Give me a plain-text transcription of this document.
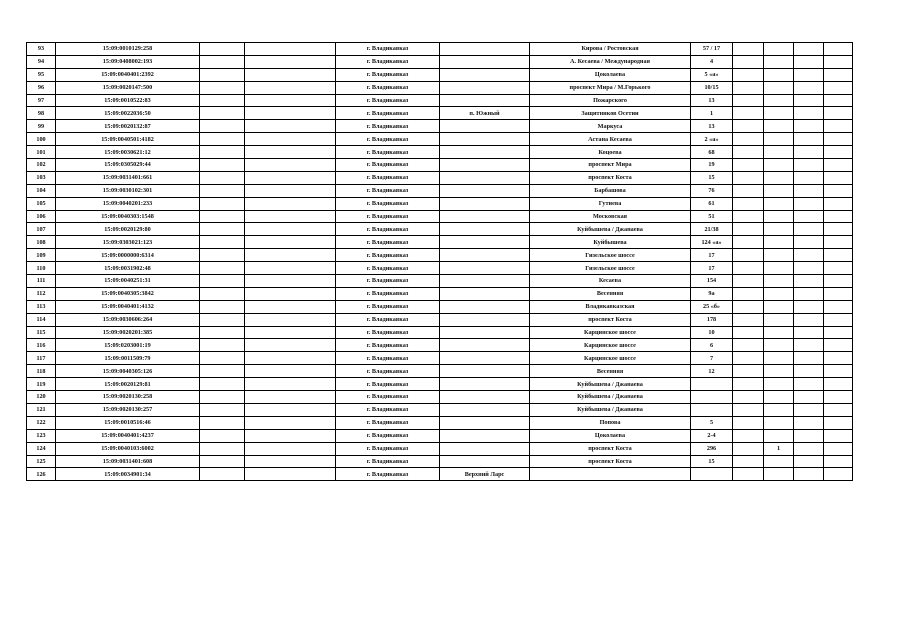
93	15:09:0010129:258			г. Владикавказ		Кирова / Ростовская	57 / 17				
94	15:09:0408002:193			г. Владикавказ		А. Кесаева / Международная	4				
95	15:09:0040401:2392			г. Владикавказ		Цоколаева	5 «а»				
96	15:09:0020147:500			г. Владикавказ		проспект Мира / М.Горького	10/15				
97	15:09:0010522:83			г. Владикавказ		Пожарского	13				
98	15:09:0022036:50			г. Владикавказ	п. Южный	Защитников Осетии	1				
99	15:09:0020132:87			г. Владикавказ		Маркуса	13				
100	15:09:0040501:4182			г. Владикавказ		Астана Кесаева	2 «а»				
101	15:09:0030621:12			г. Владикавказ		Коцоева	68				
102	15:09:0305029:44			г. Владикавказ		проспект Мира	19				
103	15:09:0031401:661			г. Владикавказ		проспект Коста	15				
104	15:09:0030102:301			г. Владикавказ		Барбашова	76				
105	15:09:0040201:233			г. Владикавказ		Гутиева	61				
106	15:09:0040303:1548			г. Владикавказ		Московская	51				
107	15:09:0020129:80			г. Владикавказ		Куйбышева / Джанаева	21/38				
108	15:09:0303021:123			г. Владикавказ		Куйбышева	124 «а»				
109	15:09:0000000:6314			г. Владикавказ		Гизельское шоссе	17				
110	15:09:0031902:48			г. Владикавказ		Гизельское шоссе	17				
111	15:09:0040251:31			г. Владикавказ		Кесаева	154				
112	15:09:0040305:3842			г. Владикавказ		Весенняя	9а				
113	15:09:0040401:4132			г. Владикавказ		Владикавказская	25 «б»				
114	15:09:0030606:264			г. Владикавказ		проспект Коста	178				
115	15:09:0020201:385			г. Владикавказ		Карцинское шоссе	10				
116	15:09:0203001:19			г. Владикавказ		Карцинское шоссе	6				
117	15:09:0011509:79			г. Владикавказ		Карцинское шоссе	7				
118	15:09:0040305:126			г. Владикавказ		Весенняя	12				
119	15:09:0020129:81			г. Владикавказ		Куйбышева / Джанаева					
120	15:09:0020130:258			г. Владикавказ		Куйбышева / Джанаева					
121	15:09:0020130:257			г. Владикавказ		Куйбышева / Джанаева					
122	15:09:0010516:46			г. Владикавказ		Попова	5				
123	15:09:0040401:4237			г. Владикавказ		Цоколаева	2-4				
124	15:09:0040103:6002			г. Владикавказ		проспект Коста	296		1		
125	15:09:0031401:608			г. Владикавказ		проспект Коста	15				
126	15:09:0034901:34			г. Владикавказ	Верхний Ларс						
